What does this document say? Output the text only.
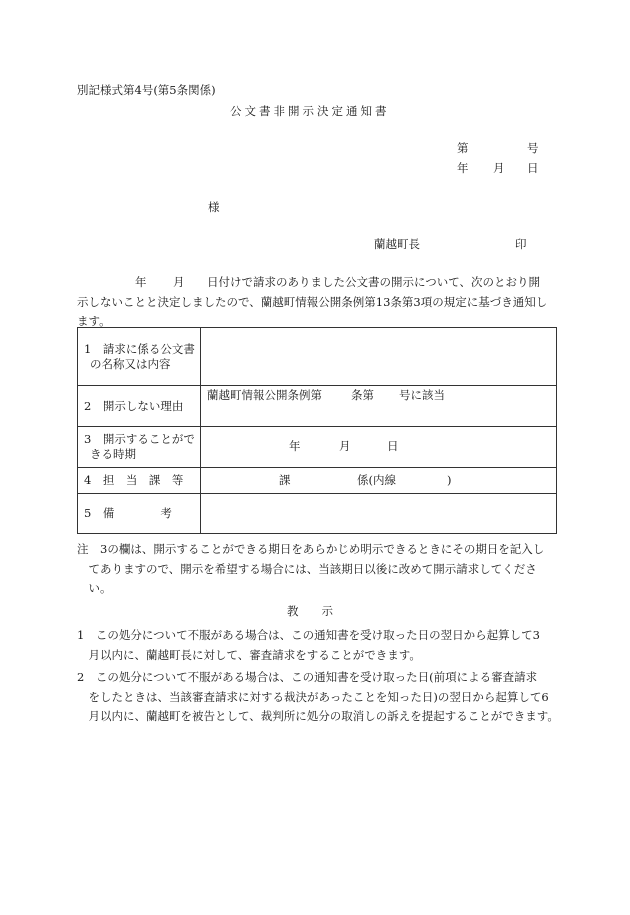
別記様式第4号(第5条関係)
公文書非開示決定通知書
第	号
年 月 日
様
蘭越町長	印
年 月 日付けで請求のありました公文書の開示について、次のとおり開
示しないことと決定しましたので、蘭越町情報公開条例第13条第3項の規定に基づき通知し
ます。
1　請求に係る公文書
の名称又は内容	

2　開示しない理由	蘭越町情報公開条例第 条第 号に該当

3　開示することがで
きる時期	年 月 日

4　担　当　課　等	課 係(内線 )

5　備　　　　考	
注　3の欄は、開示することができる期日をあらかじめ明示できるときにその期日を記入し
　てありますので、開示を希望する場合には、当該期日以後に改めて開示請求してくださ
　い。
教　　示
1　この処分について不服がある場合は、この通知書を受け取った日の翌日から起算して3
　月以内に、蘭越町長に対して、審査請求をすることができます。
2　この処分について不服がある場合は、この通知書を受け取った日(前項による審査請求
　をしたときは、当該審査請求に対する裁決があったことを知った日)の翌日から起算して6
　月以内に、蘭越町を被告として、裁判所に処分の取消しの訴えを提起することができます。
